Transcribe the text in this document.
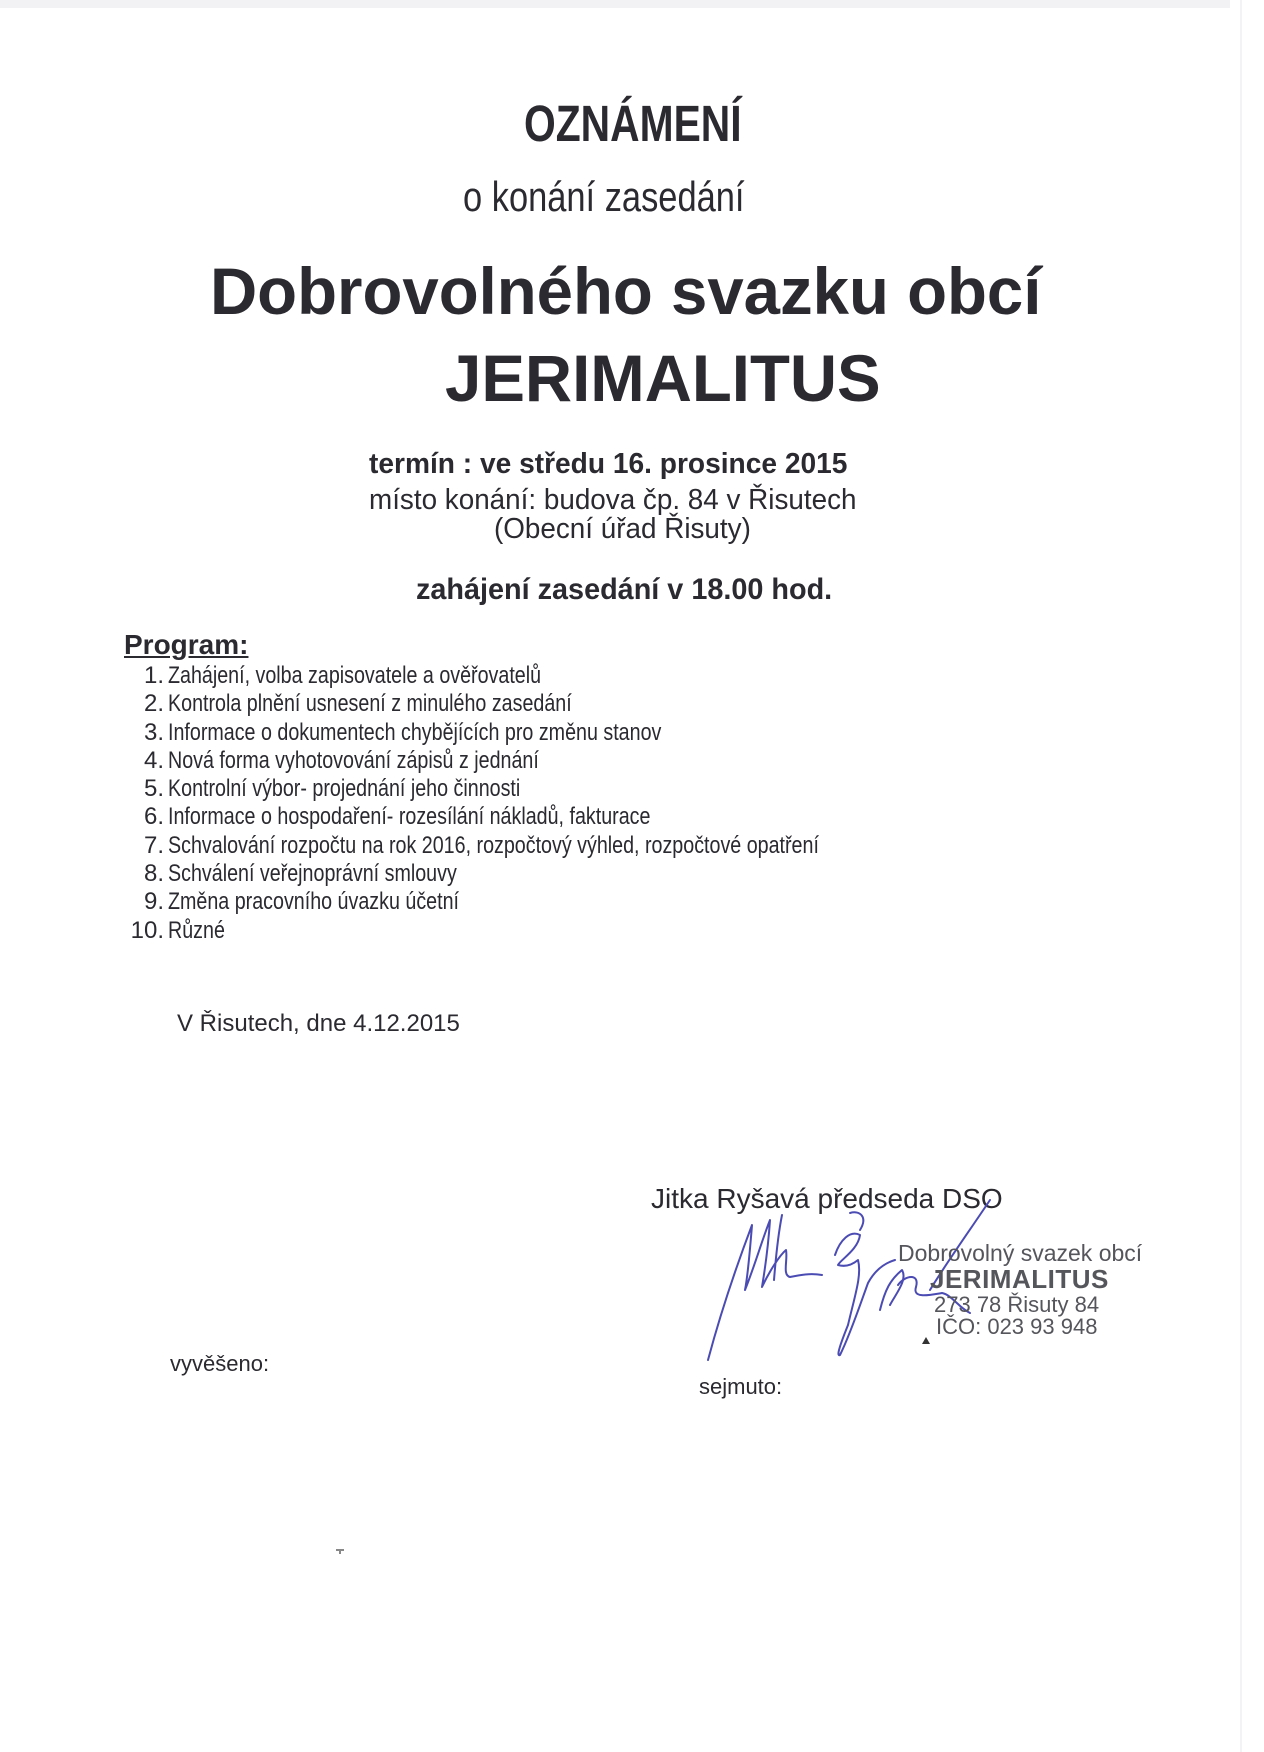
OZNÁMENÍ
o konání zasedání
Dobrovolného svazku obcí
JERIMALITUS
termín : ve středu 16. prosince 2015
místo konání: budova čp. 84 v Řisutech
(Obecní úřad Řisuty)
zahájení zasedání v 18.00 hod.
Program:
1. Zahájení, volba zapisovatele a ověřovatelů
2. Kontrola plnění usnesení z minulého zasedání
3. Informace o dokumentech chybějících pro změnu stanov
4. Nová forma vyhotovování zápisů z jednání
5. Kontrolní výbor- projednání jeho činnosti
6. Informace o hospodaření- rozesílání nákladů, fakturace
7. Schvalování rozpočtu na rok 2016, rozpočtový výhled, rozpočtové opatření
8. Schválení veřejnoprávní smlouvy
9. Změna pracovního úvazku účetní
10. Různé
V Řisutech, dne 4.12.2015
Jitka Ryšavá předseda DSO
Dobrovolný svazek obcí
JERIMALITUS
273 78 Řisuty 84
IČO: 023 93 948
vyvěšeno:
sejmuto:
